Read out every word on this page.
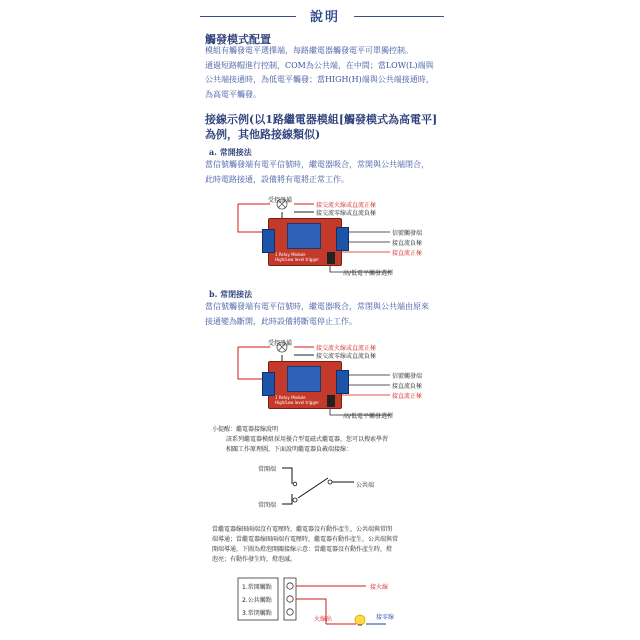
說明
觸發模式配置
模組有觸發電平選擇端，每路繼電器觸發電平可單獨控制。
通過短路帽進行控制，COM為公共端，在中間；當LOW(L)端與
公共端接通時，為低電平觸發；當HIGH(H)端與公共端接通時，
為高電平觸發。
接線示例(以1路繼電器模組[觸發模式為高電平]
為例，其他路接線類似)
a. 常開接法
當信號觸發端有電平信號時，繼電器吸合，常開與公共端閉合，
此時電路接通，設備將有電將正常工作。
受控設備
接交流火線或直流正極
接交流零線或直流負極
1 Relay Module
High/Low level trigger
信號觸發端
接直流負極
接直流正極
高/低電平觸發選擇
b. 常閉接法
當信號觸發端有電平信號時，繼電器吸合，常閉與公共端由原來
接通變為斷開，此時設備將斷電停止工作。
受控設備
接交流火線或直流正極
接交流零線或直流負極
1 Relay Module
High/Low level trigger
信號觸發端
接直流負極
接直流正極
高/低電平觸發選擇
小提醒：繼電器接線說明
該系列繼電器模組採用優合型電磁式繼電器，您可以搜索學習
相關工作原理圖，下面說明繼電器負載端接線：
常開端
公共端
常閉端
當繼電器線圈兩端沒有電壓時，繼電器沒有動作產生，公共端與常閉
端導通；當繼電器線圈兩端有電壓時，繼電器有動作產生，公共端與常
開端導通，下圖為燈泡開關接線示意：當繼電器沒有動作產生時，燈
泡亮；有動作發生時，燈泡滅。
1.常開觸點
2.公共觸點
3.常閉觸點
接火線
接零線
火線出
